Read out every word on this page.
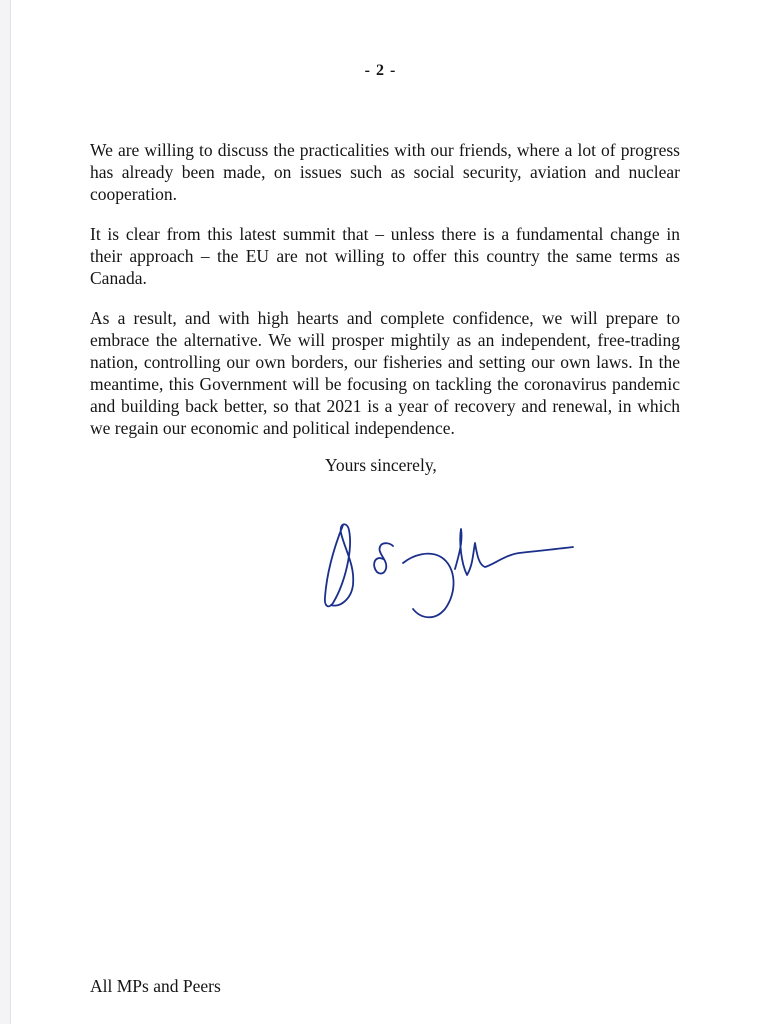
- 2 -

We are willing to discuss the practicalities with our friends, where a lot of progress has already been made, on issues such as social security, aviation and nuclear cooperation.

It is clear from this latest summit that – unless there is a fundamental change in their approach – the EU are not willing to offer this country the same terms as Canada.

As a result, and with high hearts and complete confidence, we will prepare to embrace the alternative. We will prosper mightily as an independent, free-trading nation, controlling our own borders, our fisheries and setting our own laws. In the meantime, this Government will be focusing on tackling the coronavirus pandemic and building back better, so that 2021 is a year of recovery and renewal, in which we regain our economic and political independence.

Yours sincerely,

All MPs and Peers
